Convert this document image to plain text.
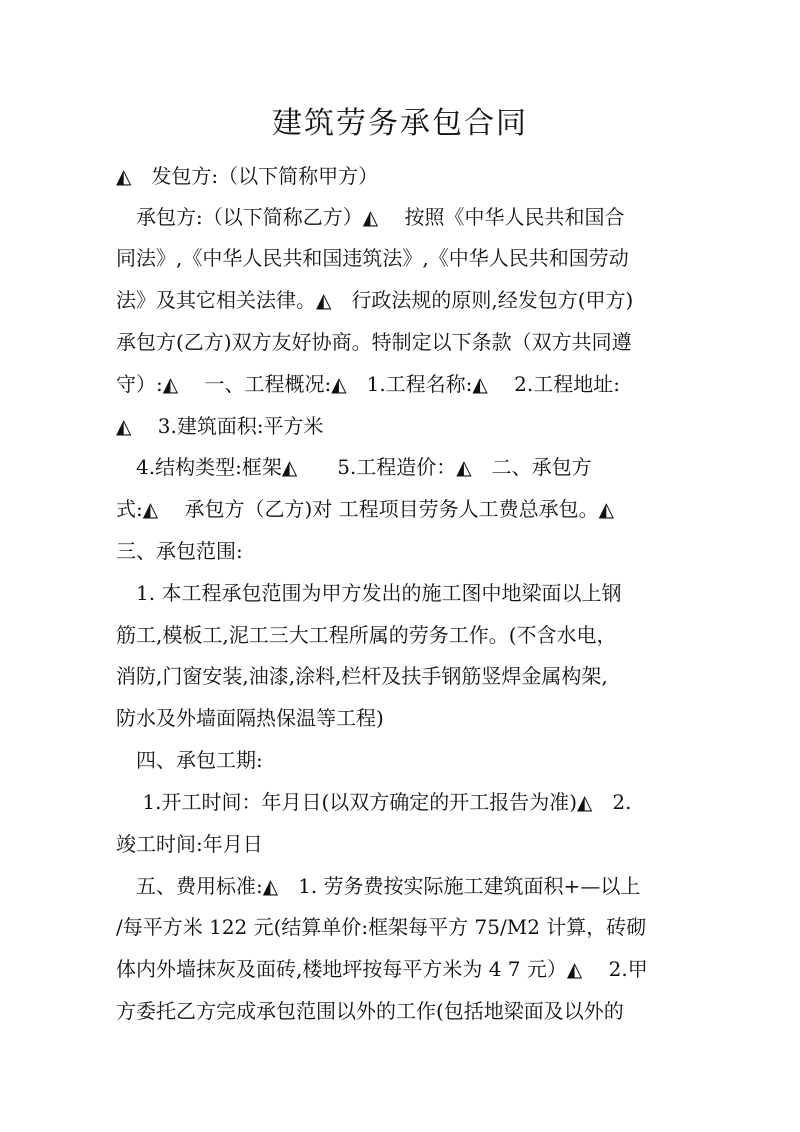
建筑劳务承包合同
◭　发包方:（以下简称甲方）
　承包方:（以下简称乙方）◭　 按照《中华人民共和国合
同法》,《中华人民共和国违筑法》,《中华人民共和国劳动
法》及其它相关法律。◭　行政法规的原则,经发包方(甲方)
承包方(乙方)双方友好协商。特制定以下条款（双方共同遵
守）:◭　 一、工程概况:◭　1.工程名称:◭　 2.工程地址:
◭　 3.建筑面积:平方米
　4.结构类型:框架◭　　5.工程造价：◭　二、承包方
式:◭　 承包方（乙方)对 工程项目劳务人工费总承包。◭
三、承包范围:
　1. 本工程承包范围为甲方发出的施工图中地梁面以上钢
筋工,模板工,泥工三大工程所属的劳务工作。(不含水电，
消防,门窗安装,油漆,涂料,栏杆及扶手钢筋竖焊金属构架,
防水及外墙面隔热保温等工程)
　四、承包工期:
　 1.开工时间：年月日(以双方确定的开工报告为准)◭　2.
竣工时间:年月日
　五、费用标准:◭　1. 劳务费按实际施工建筑面积+—以上
/每平方米 122 元(结算单价:框架每平方 75/M2 计算，砖砌
体内外墙抹灰及面砖,楼地坪按每平方米为 4 7 元）◭　 2.甲
方委托乙方完成承包范围以外的工作(包括地梁面及以外的
